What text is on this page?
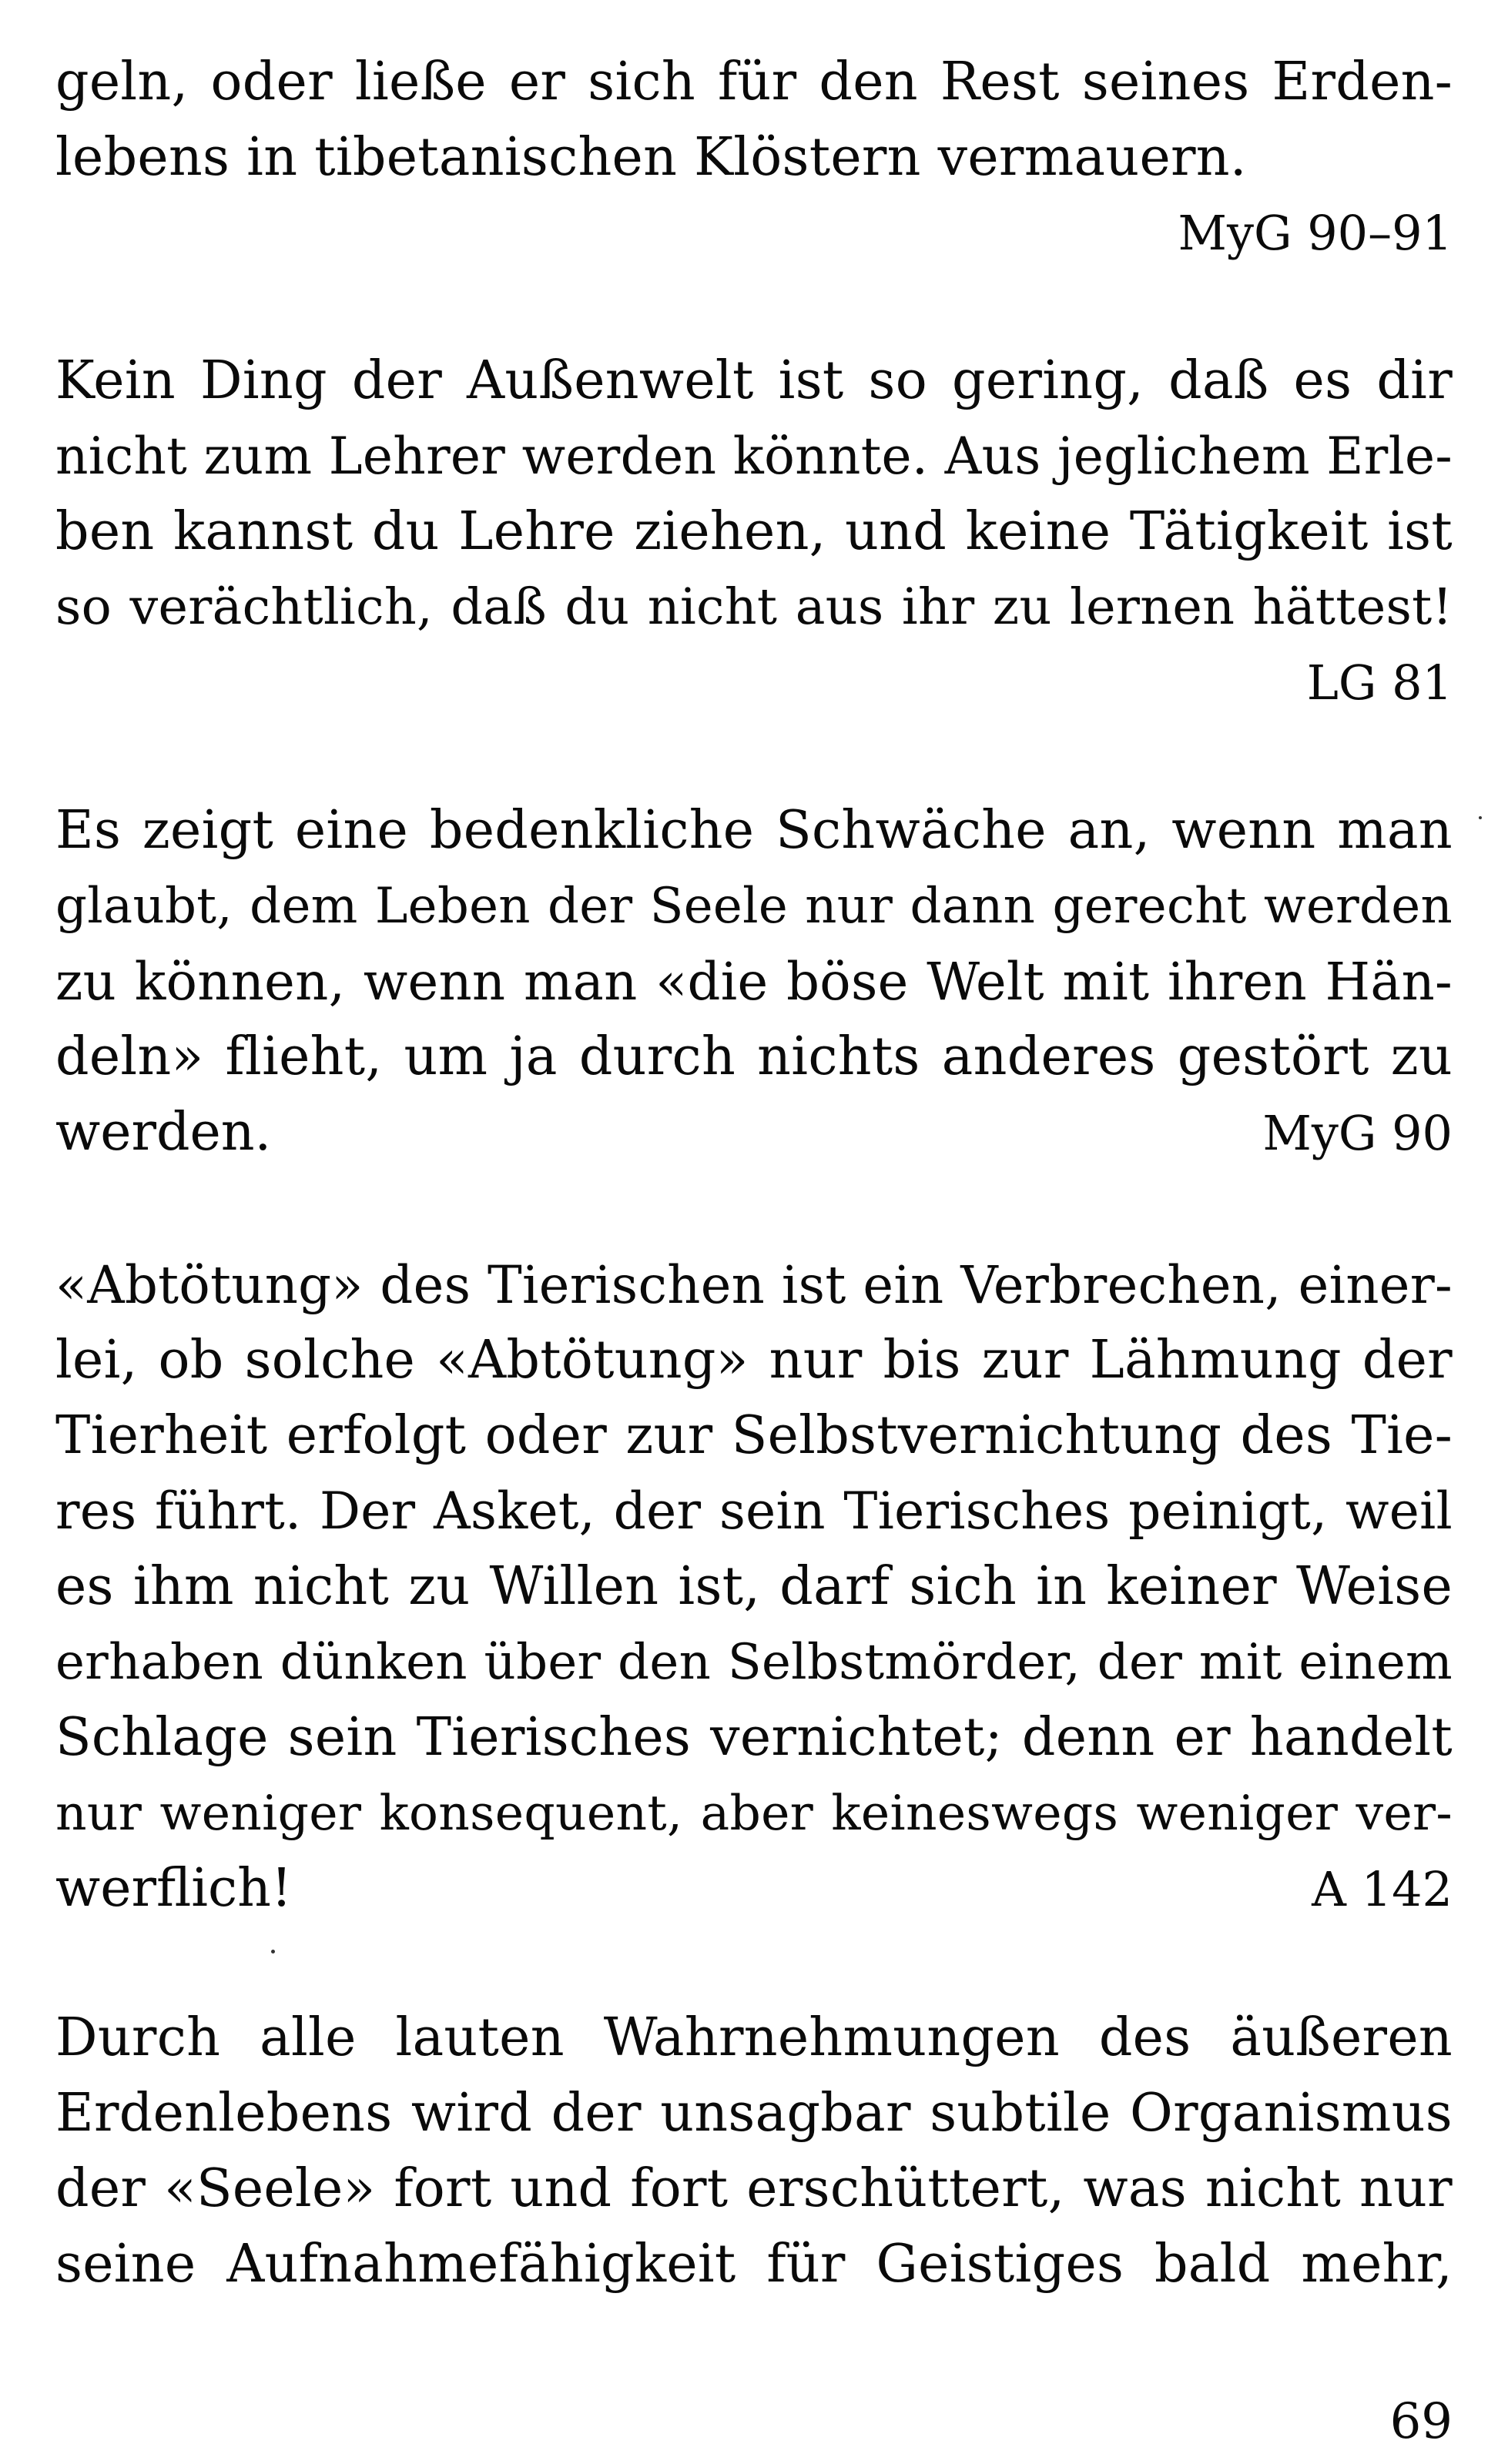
geln, oder ließe er sich für den Rest seines Erden-
lebens in tibetanischen Klöstern vermauern.
MyG 90–91
Kein Ding der Außenwelt ist so gering, daß es dir
nicht zum Lehrer werden könnte. Aus jeglichem Erle-
ben kannst du Lehre ziehen, und keine Tätigkeit ist
so verächtlich, daß du nicht aus ihr zu lernen hättest!
LG 81
Es zeigt eine bedenkliche Schwäche an, wenn man
glaubt, dem Leben der Seele nur dann gerecht werden
zu können, wenn man «die böse Welt mit ihren Hän-
deln» flieht, um ja durch nichts anderes gestört zu
werden.	MyG 90
«Abtötung» des Tierischen ist ein Verbrechen, einer-
lei, ob solche «Abtötung» nur bis zur Lähmung der
Tierheit erfolgt oder zur Selbstvernichtung des Tie-
res führt. Der Asket, der sein Tierisches peinigt, weil
es ihm nicht zu Willen ist, darf sich in keiner Weise
erhaben dünken über den Selbstmörder, der mit einem
Schlage sein Tierisches vernichtet; denn er handelt
nur weniger konsequent, aber keineswegs weniger ver-
werflich!	A 142
Durch alle lauten Wahrnehmungen des äußeren
Erdenlebens wird der unsagbar subtile Organismus
der «Seele» fort und fort erschüttert, was nicht nur
seine Aufnahmefähigkeit für Geistiges bald mehr,
69
